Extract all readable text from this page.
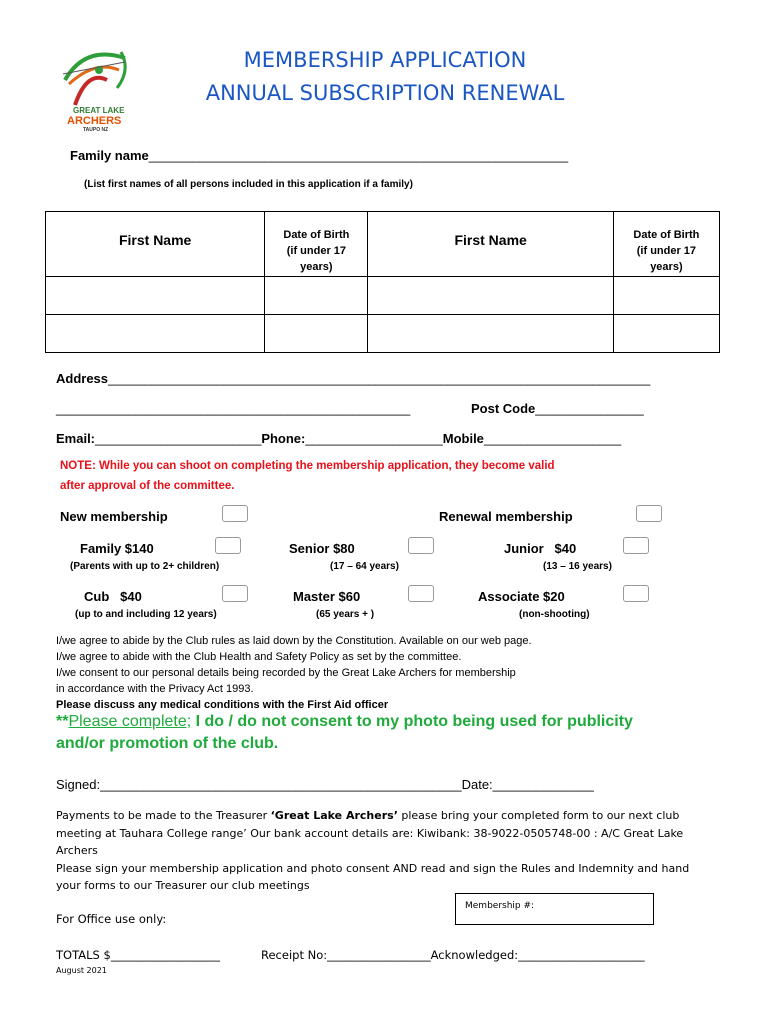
GREAT LAKE
ARCHERS
TAUPO NZ
MEMBERSHIP APPLICATION
ANNUAL SUBSCRIPTION RENEWAL
Family name__________________________________________________________
(List first names of all persons included in this application if a family)
First Name	Date of Birth
(if under 17
years)	First Name	Date of Birth
(if under 17
years)

Address___________________________________________________________________________
_________________________________________________	Post Code_______________
Email:_______________________Phone:___________________Mobile___________________
NOTE: While you can shoot on completing the membership application, they become valid
after approval of the committee.
New membership	Renewal membership
Family $140
(Parents with up to 2+ children)
Senior $80
(17 – 64 years)
Junior   $40
(13 – 16 years)
Cub   $40
(up to and including 12 years)
Master $60
(65 years + )
Associate $20
(non-shooting)
I/we agree to abide by the Club rules as laid down by the Constitution. Available on our web page.
I/we agree to abide with the Club Health and Safety Policy as set by the committee.
I/we consent to our personal details being recorded by the Great Lake Archers for membership
in accordance with the Privacy Act 1993.
Please discuss any medical conditions with the First Aid officer
**Please complete; I do / do not consent to my photo being used for publicity
and/or promotion of the club.
Signed:__________________________________________________Date:______________
Payments to be made to the Treasurer ‘Great Lake Archers’ please bring your completed form to our next club
meeting at Tauhara College range’ Our bank account details are: Kiwibank: 38-9022-0505748-00 : A/C Great Lake
Archers
Please sign your membership application and photo consent AND read and sign the Rules and Indemnity and hand
your forms to our Treasurer our club meetings
Membership #:
For Office use only:
TOTALS $___________________	Receipt No:__________________Acknowledged:______________________
August 2021
